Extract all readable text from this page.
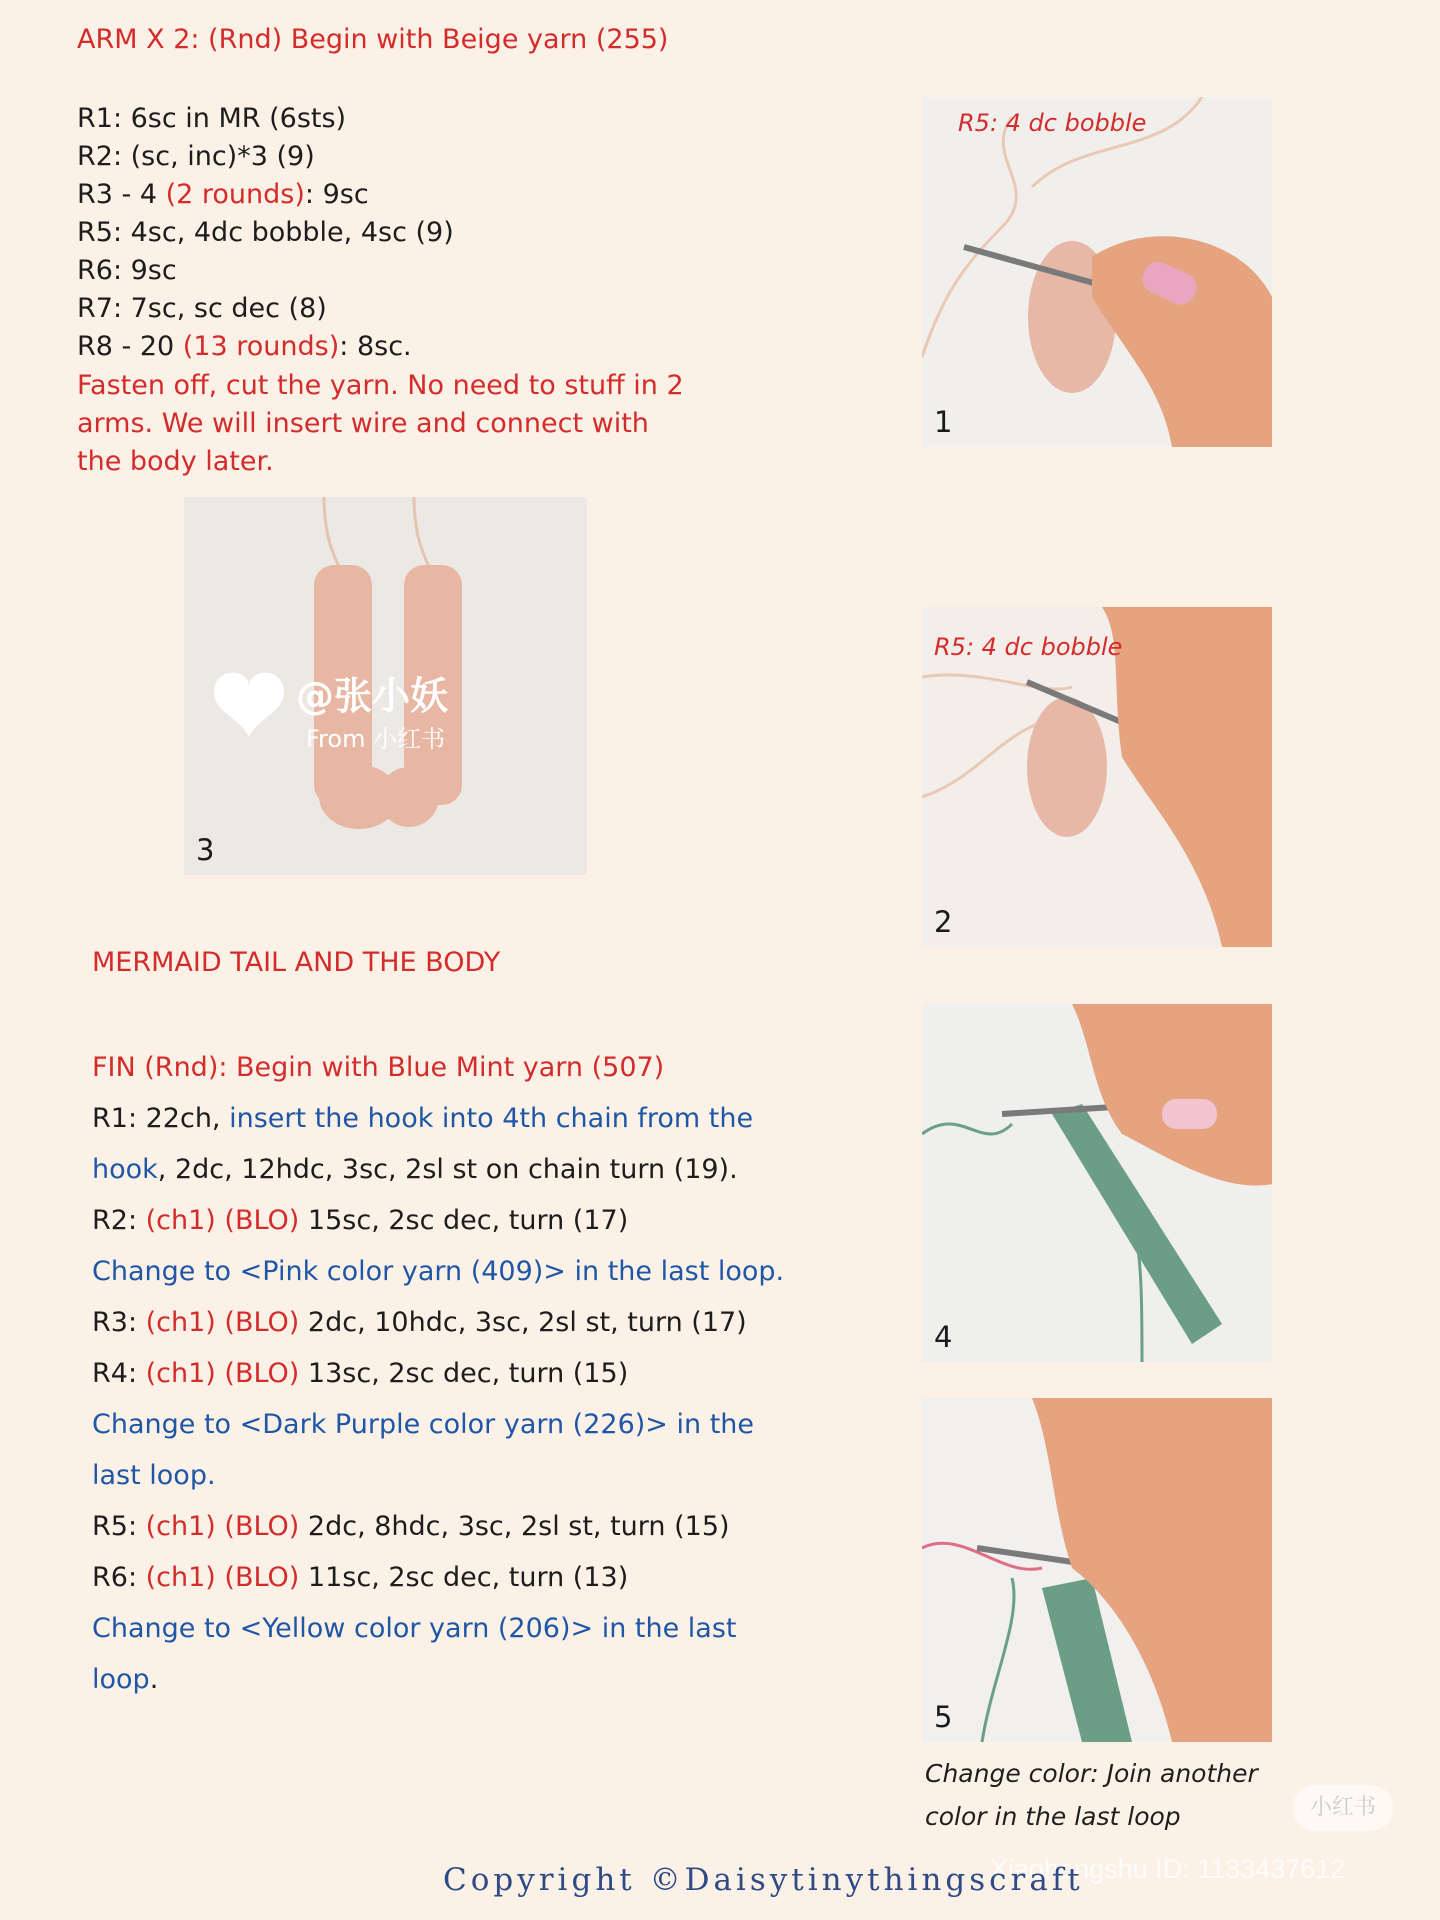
ARM X 2: (Rnd) Begin with Beige yarn (255)
R1: 6sc in MR (6sts)
R2: (sc, inc)*3 (9)
R3 - 4 (2 rounds): 9sc
R5: 4sc, 4dc bobble, 4sc (9)
R6: 9sc
R7: 7sc, sc dec (8)
R8 - 20 (13 rounds): 8sc.
Fasten off, cut the yarn. No need to stuff in 2
arms. We will insert wire and connect with
the body later.
MERMAID TAIL AND THE BODY
FIN (Rnd): Begin with Blue Mint yarn (507)
R1: 22ch, insert the hook into 4th chain from the
hook, 2dc, 12hdc, 3sc, 2sl st on chain turn (19).
R2: (ch1) (BLO) 15sc, 2sc dec, turn (17)
Change to <Pink color yarn (409)> in the last loop.
R3: (ch1) (BLO) 2dc, 10hdc, 3sc, 2sl st, turn (17)
R4: (ch1) (BLO) 13sc, 2sc dec, turn (15)
Change to <Dark Purple color yarn (226)> in the
last loop.
R5: (ch1) (BLO) 2dc, 8hdc, 3sc, 2sl st, turn (15)
R6: (ch1) (BLO) 11sc, 2sc dec, turn (13)
Change to <Yellow color yarn (206)> in the last
loop.
R5: 4 dc bobble
1
R5: 4 dc bobble
2
@张小妖
From 小红书
3
4
5
Change color: Join another
color in the last loop	小红书
Xiaohongshu ID: 1133437612
Copyright ©Daisytinythingscraft
